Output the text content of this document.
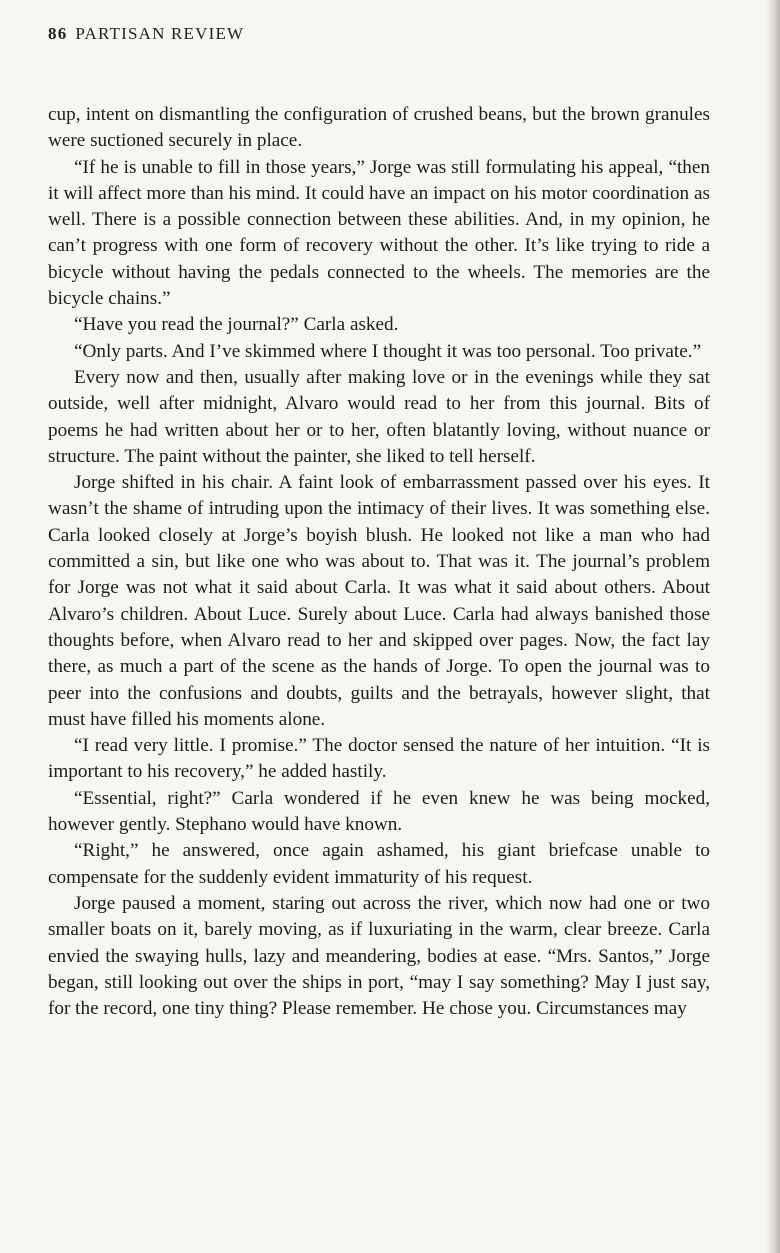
86 PARTISAN REVIEW

cup, intent on dismantling the configuration of crushed beans, but the brown granules were suctioned securely in place.

“If he is unable to fill in those years,” Jorge was still formulating his appeal, “then it will affect more than his mind. It could have an impact on his motor coordination as well. There is a possible connection between these abilities. And, in my opinion, he can’t progress with one form of recovery without the other. It’s like trying to ride a bicycle without having the pedals connected to the wheels. The memories are the bicycle chains.”

“Have you read the journal?” Carla asked.

“Only parts. And I’ve skimmed where I thought it was too personal. Too private.”

Every now and then, usually after making love or in the evenings while they sat outside, well after midnight, Alvaro would read to her from this journal. Bits of poems he had written about her or to her, often blatantly loving, without nuance or structure. The paint without the painter, she liked to tell herself.

Jorge shifted in his chair. A faint look of embarrassment passed over his eyes. It wasn’t the shame of intruding upon the intimacy of their lives. It was something else. Carla looked closely at Jorge’s boyish blush. He looked not like a man who had committed a sin, but like one who was about to. That was it. The journal’s problem for Jorge was not what it said about Carla. It was what it said about others. About Alvaro’s children. About Luce. Surely about Luce. Carla had always banished those thoughts before, when Alvaro read to her and skipped over pages. Now, the fact lay there, as much a part of the scene as the hands of Jorge. To open the journal was to peer into the confusions and doubts, guilts and the betrayals, however slight, that must have filled his moments alone.

“I read very little. I promise.” The doctor sensed the nature of her intuition. “It is important to his recovery,” he added hastily.

“Essential, right?” Carla wondered if he even knew he was being mocked, however gently. Stephano would have known.

“Right,” he answered, once again ashamed, his giant briefcase unable to compensate for the suddenly evident immaturity of his request.

Jorge paused a moment, staring out across the river, which now had one or two smaller boats on it, barely moving, as if luxuriating in the warm, clear breeze. Carla envied the swaying hulls, lazy and meandering, bodies at ease. “Mrs. Santos,” Jorge began, still looking out over the ships in port, “may I say something? May I just say, for the record, one tiny thing? Please remember. He chose you. Circumstances may
